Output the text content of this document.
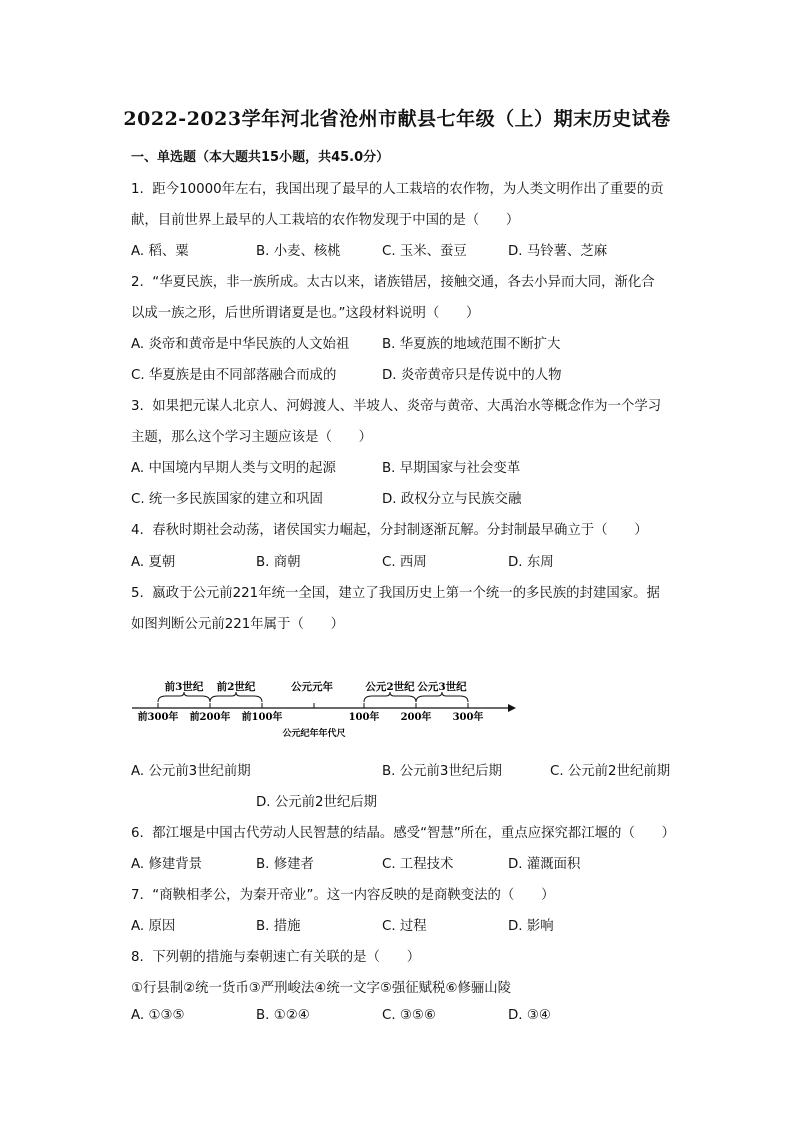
2022-2023学年河北省沧州市献县七年级（上）期末历史试卷
一、单选题（本大题共15小题，共45.0分）
1. 距今10000年左右，我国出现了最早的人工栽培的农作物，为人类文明作出了重要的贡
献，目前世界上最早的人工栽培的农作物发现于中国的是（　　）
A. 稻、粟	B. 小麦、核桃	C. 玉米、蚕豆	D. 马铃薯、芝麻
2. “华夏民族，非一族所成。太古以来，诸族错居，接触交通，各去小异而大同，渐化合
以成一族之形，后世所谓诸夏是也。”这段材料说明（　　）
A. 炎帝和黄帝是中华民族的人文始祖 B. 华夏族的地域范围不断扩大
C. 华夏族是由不同部落融合而成的	D. 炎帝黄帝只是传说中的人物
3. 如果把元谋人北京人、河姆渡人、半坡人、炎帝与黄帝、大禹治水等概念作为一个学习
主题，那么这个学习主题应该是（　　）
A. 中国境内早期人类与文明的起源	B. 早期国家与社会变革
C. 统一多民族国家的建立和巩固	D. 政权分立与民族交融
4. 春秋时期社会动荡，诸侯国实力崛起，分封制逐渐瓦解。分封制最早确立于（　　）
A. 夏朝	B. 商朝	C. 西周	D. 东周
5. 嬴政于公元前221年统一全国，建立了我国历史上第一个统一的多民族的封建国家。据
如图判断公元前221年属于（　　）
前3世纪 前2世纪	公元元年	公元2世纪 公元3世纪
前300年 前200年 前100年	100年 200年 300年
公元纪年年代尺
A. 公元前3世纪前期	B. 公元前3世纪后期	C. 公元前2世纪前期
D. 公元前2世纪后期
6. 都江堰是中国古代劳动人民智慧的结晶。感受“智慧”所在，重点应探究都江堰的（　　）
A. 修建背景	B. 修建者	C. 工程技术	D. 灌溉面积
7. “商鞅相孝公，为秦开帝业”。这一内容反映的是商鞅变法的（　　）
A. 原因	B. 措施	C. 过程	D. 影响
8. 下列朝的措施与秦朝速亡有关联的是（　　）
①行县制②统一货币③严刑峻法④统一文字⑤强征赋税⑥修骊山陵
A. ①③⑤	B. ①②④	C. ③⑤⑥	D. ③④
